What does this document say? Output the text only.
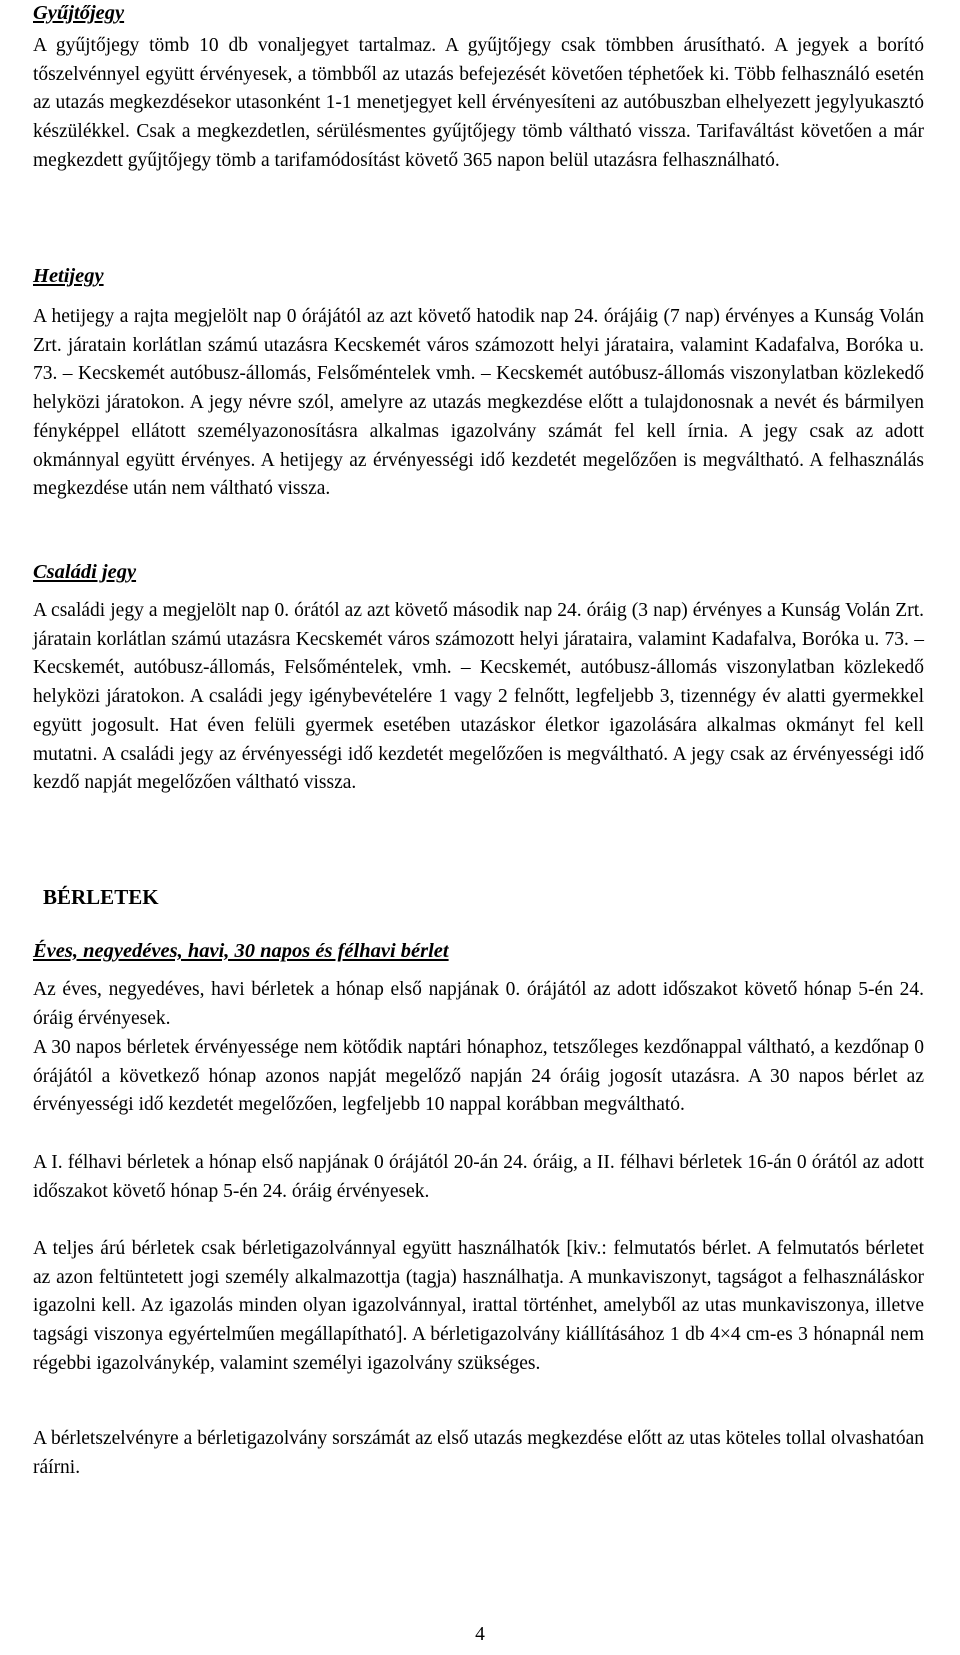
Gyűjtőjegy

A gyűjtőjegy tömb 10 db vonaljegyet tartalmaz. A gyűjtőjegy csak tömbben árusítható. A jegyek a borító tőszelvénnyel együtt érvényesek, a tömbből az utazás befejezését követően téphetőek ki. Több felhasználó esetén az utazás megkezdésekor utasonként 1-1 menetjegyet kell érvényesíteni az autóbuszban elhelyezett jegylyukasztó készülékkel. Csak a megkezdetlen, sérülésmentes gyűjtőjegy tömb váltható vissza. Tarifaváltást követően a már megkezdett gyűjtőjegy tömb a tarifamódosítást követő 365 napon belül utazásra felhasználható.

Hetijegy

A hetijegy a rajta megjelölt nap 0 órájától az azt követő hatodik nap 24. órájáig (7 nap) érvényes a Kunság Volán Zrt. járatain korlátlan számú utazásra Kecskemét város számozott helyi járataira, valamint Kadafalva, Boróka u. 73. – Kecskemét autóbusz-állomás, Felsőméntelek vmh. – Kecskemét autóbusz-állomás viszonylatban közlekedő helyközi járatokon. A jegy névre szól, amelyre az utazás megkezdése előtt a tulajdonosnak a nevét és bármilyen fényképpel ellátott személyazonosításra alkalmas igazolvány számát fel kell írnia. A jegy csak az adott okmánnyal együtt érvényes. A hetijegy az érvényességi idő kezdetét megelőzően is megváltható. A felhasználás megkezdése után nem váltható vissza.

Családi jegy

A családi jegy a megjelölt nap 0. órától az azt követő második nap 24. óráig (3 nap) érvényes a Kunság Volán Zrt. járatain korlátlan számú utazásra Kecskemét város számozott helyi járataira, valamint Kadafalva, Boróka u. 73. – Kecskemét, autóbusz-állomás, Felsőméntelek, vmh. – Kecskemét, autóbusz-állomás viszonylatban közlekedő helyközi járatokon. A családi jegy igénybevételére 1 vagy 2 felnőtt, legfeljebb 3, tizennégy év alatti gyermekkel együtt jogosult. Hat éven felüli gyermek esetében utazáskor életkor igazolására alkalmas okmányt fel kell mutatni. A családi jegy az érvényességi idő kezdetét megelőzően is megváltható. A jegy csak az érvényességi idő kezdő napját megelőzően váltható vissza.

BÉRLETEK
Éves, negyedéves, havi, 30 napos és félhavi bérlet

Az éves, negyedéves, havi bérletek a hónap első napjának 0. órájától az adott időszakot követő hónap 5-én 24. óráig érvényesek.

A 30 napos bérletek érvényessége nem kötődik naptári hónaphoz, tetszőleges kezdőnappal váltható, a kezdőnap 0 órájától a következő hónap azonos napját megelőző napján 24 óráig jogosít utazásra. A 30 napos bérlet az érvényességi idő kezdetét megelőzően, legfeljebb 10 nappal korábban megváltható.

A I. félhavi bérletek a hónap első napjának 0 órájától 20-án 24. óráig, a II. félhavi bérletek 16-án 0 órától az adott időszakot követő hónap 5-én 24. óráig érvényesek.

A teljes árú bérletek csak bérletigazolvánnyal együtt használhatók [kiv.: felmutatós bérlet. A felmutatós bérletet az azon feltüntetett jogi személy alkalmazottja (tagja) használhatja. A munkaviszonyt, tagságot a felhasználáskor igazolni kell. Az igazolás minden olyan igazolvánnyal, irattal történhet, amelyből az utas munkaviszonya, illetve tagsági viszonya egyértelműen megállapítható]. A bérletigazolvány kiállításához 1 db 4×4 cm-es 3 hónapnál nem régebbi igazolványkép, valamint személyi igazolvány szükséges.

A bérletszelvényre a bérletigazolvány sorszámát az első utazás megkezdése előtt az utas köteles tollal olvashatóan ráírni.

4
